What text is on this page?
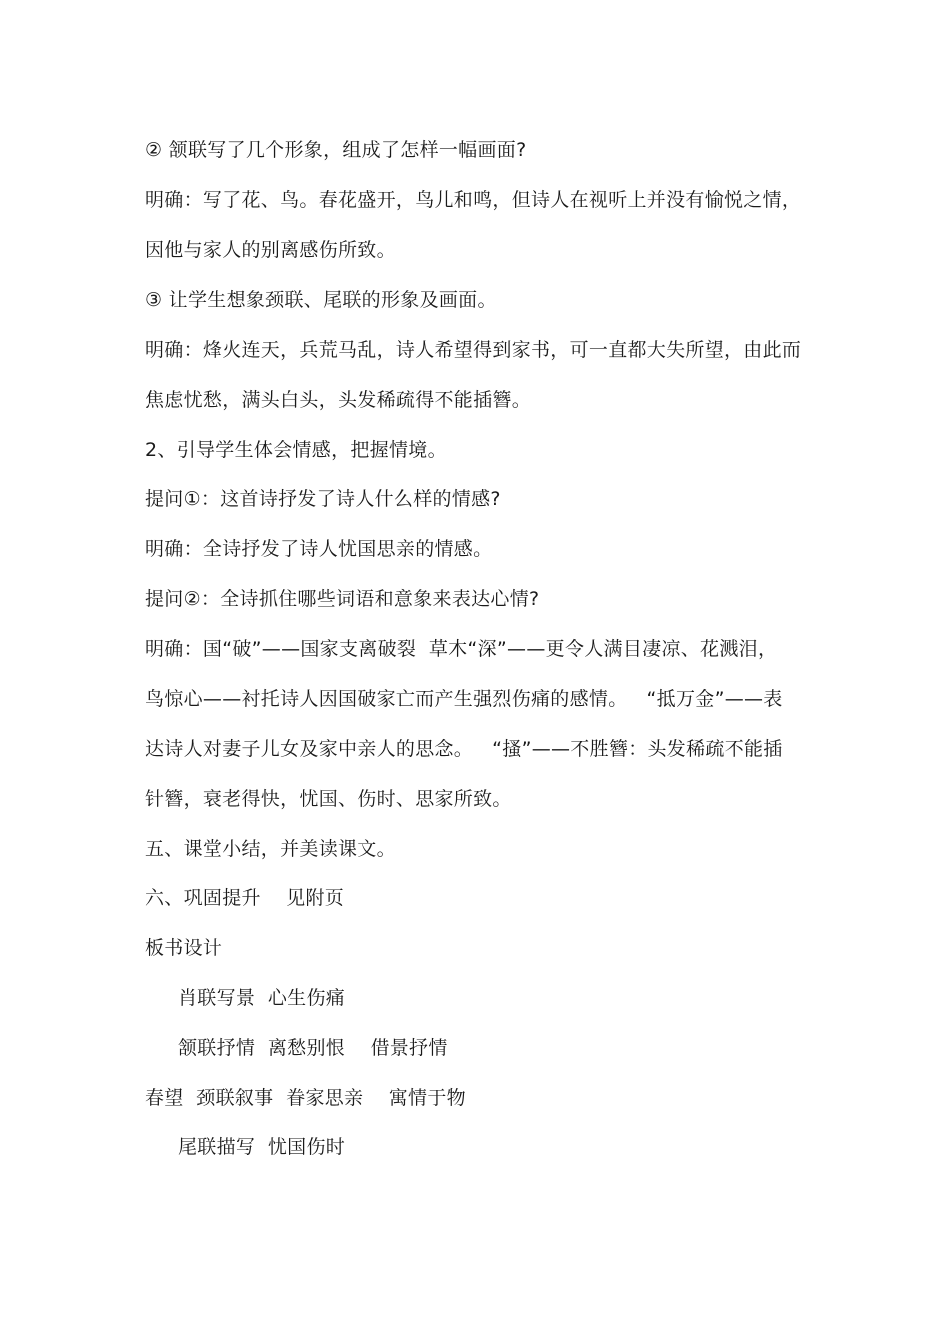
② 颔联写了几个形象，组成了怎样一幅画面?
明确：写了花、鸟。春花盛开，鸟儿和鸣，但诗人在视听上并没有愉悦之情，
因他与家人的别离感伤所致。
③ 让学生想象颈联、尾联的形象及画面。
明确：烽火连天，兵荒马乱，诗人希望得到家书，可一直都大失所望，由此而
焦虑忧愁，满头白头，头发稀疏得不能插簪。
2、引导学生体会情感，把握情境。
提问①：这首诗抒发了诗人什么样的情感?
明确：全诗抒发了诗人忧国思亲的情感。
提问②：全诗抓住哪些词语和意象来表达心情?
明确：国“破”——国家支离破裂  草木“深”——更令人满目凄凉、花溅泪，
鸟惊心——衬托诗人因国破家亡而产生强烈伤痛的感情。   “抵万金”——表
达诗人对妻子儿女及家中亲人的思念。   “搔”——不胜簪：头发稀疏不能插
针簪，衰老得快，忧国、伤时、思家所致。
五、课堂小结，并美读课文。
六、巩固提升    见附页
板书设计
肖联写景  心生伤痛
颔联抒情  离愁别恨    借景抒情
春望  颈联叙事  眷家思亲    寓情于物
尾联描写  忧国伤时
